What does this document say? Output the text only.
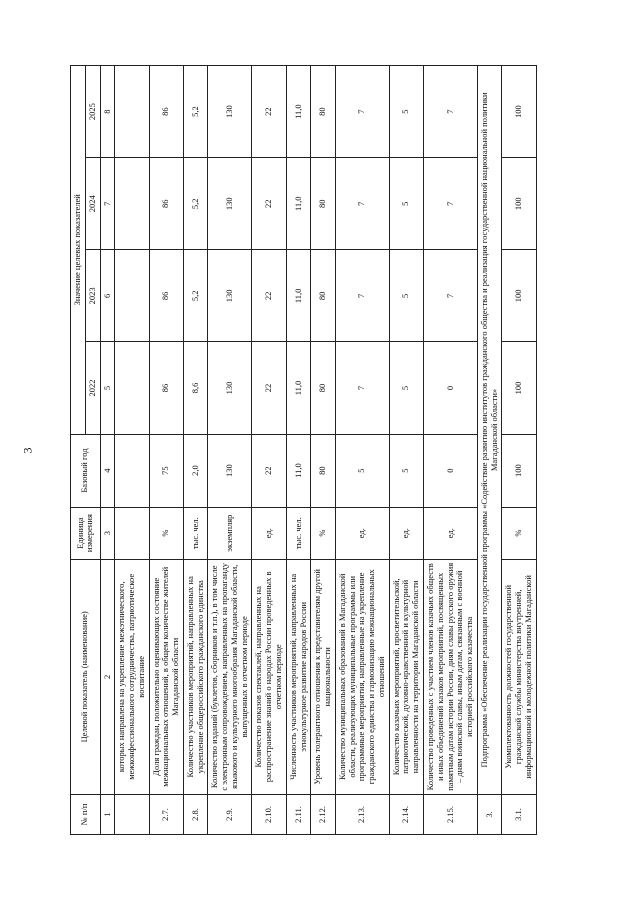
3
№ п/п	Целевой показатель (наименование)	Единица измерения	Базовый год	Значение целевых показателей			
				2022	2023	2024	2025
1	2	3	4	5	6	7	8
	которых направлена на укрепление межэтнического, межконфессионального сотрудничества, патриотическое воспитание						
2.7.	Доля граждан, положительно оценивающих состояние межнациональных отношений, в общем количестве жителей Магаданской области	%	75	86	86	86	86
2.8.	Количество участников мероприятий, направленных на укрепление общероссийского гражданского единства	тыс. чел.	2,0	8,6	5,2	5,2	5,2
2.9.	Количество изданий (буклетов, сборников и т.п.), в том числе с электронным сопровождением, направленных на пропаганду языкового и культурного многообразия Магаданской области, выпущенных в отчетном периоде	экземпляр	130	130	130	130	130
2.10.	Количество показов спектаклей, направленных на распространение знаний о народах России проведенных в отчетном периоде	ед.	22	22	22	22	22
2.11.	Численность участников мероприятий, направленных на этнокультурное развитие народов России	тыс. чел.	11,0	11,0	11,0	11,0	11,0
2.12.	Уровень толерантного отношения к представителям другой национальности	%	80	80	80	80	80
2.13.	Количество муниципальных образований в Магаданской области, реализующих муниципальные программы или программные мероприятия, направленные на укрепление гражданского единства и гармонизацию межнациональных отношений	ед.	5	7	7	7	7
2.14.	Количество казачьих мероприятий, просветительской, патриотической, духовно-нравственной и культурной направленности на территории Магаданской области	ед.	5	5	5	5	5
2.15.	Количество проведенных с участием членов казачьих обществ и иных объединений казаков мероприятий, посвященных памятным датам истории России, дням славы русского оружия – дням воинской славы, иным датам, связанным с военной историей российского казачества	ед.	0	0	7	7	7
3.	Подпрограмма «Обеспечение реализации государственной программы «Содействие развитию институтов гражданского общества и реализация государственной национальной политики Магаданской области»						
3.1.	Укомплектованность должностей государственной гражданской службы министерства внутренней, информационной и молодежной политики Магаданской	%	100	100	100	100	100
